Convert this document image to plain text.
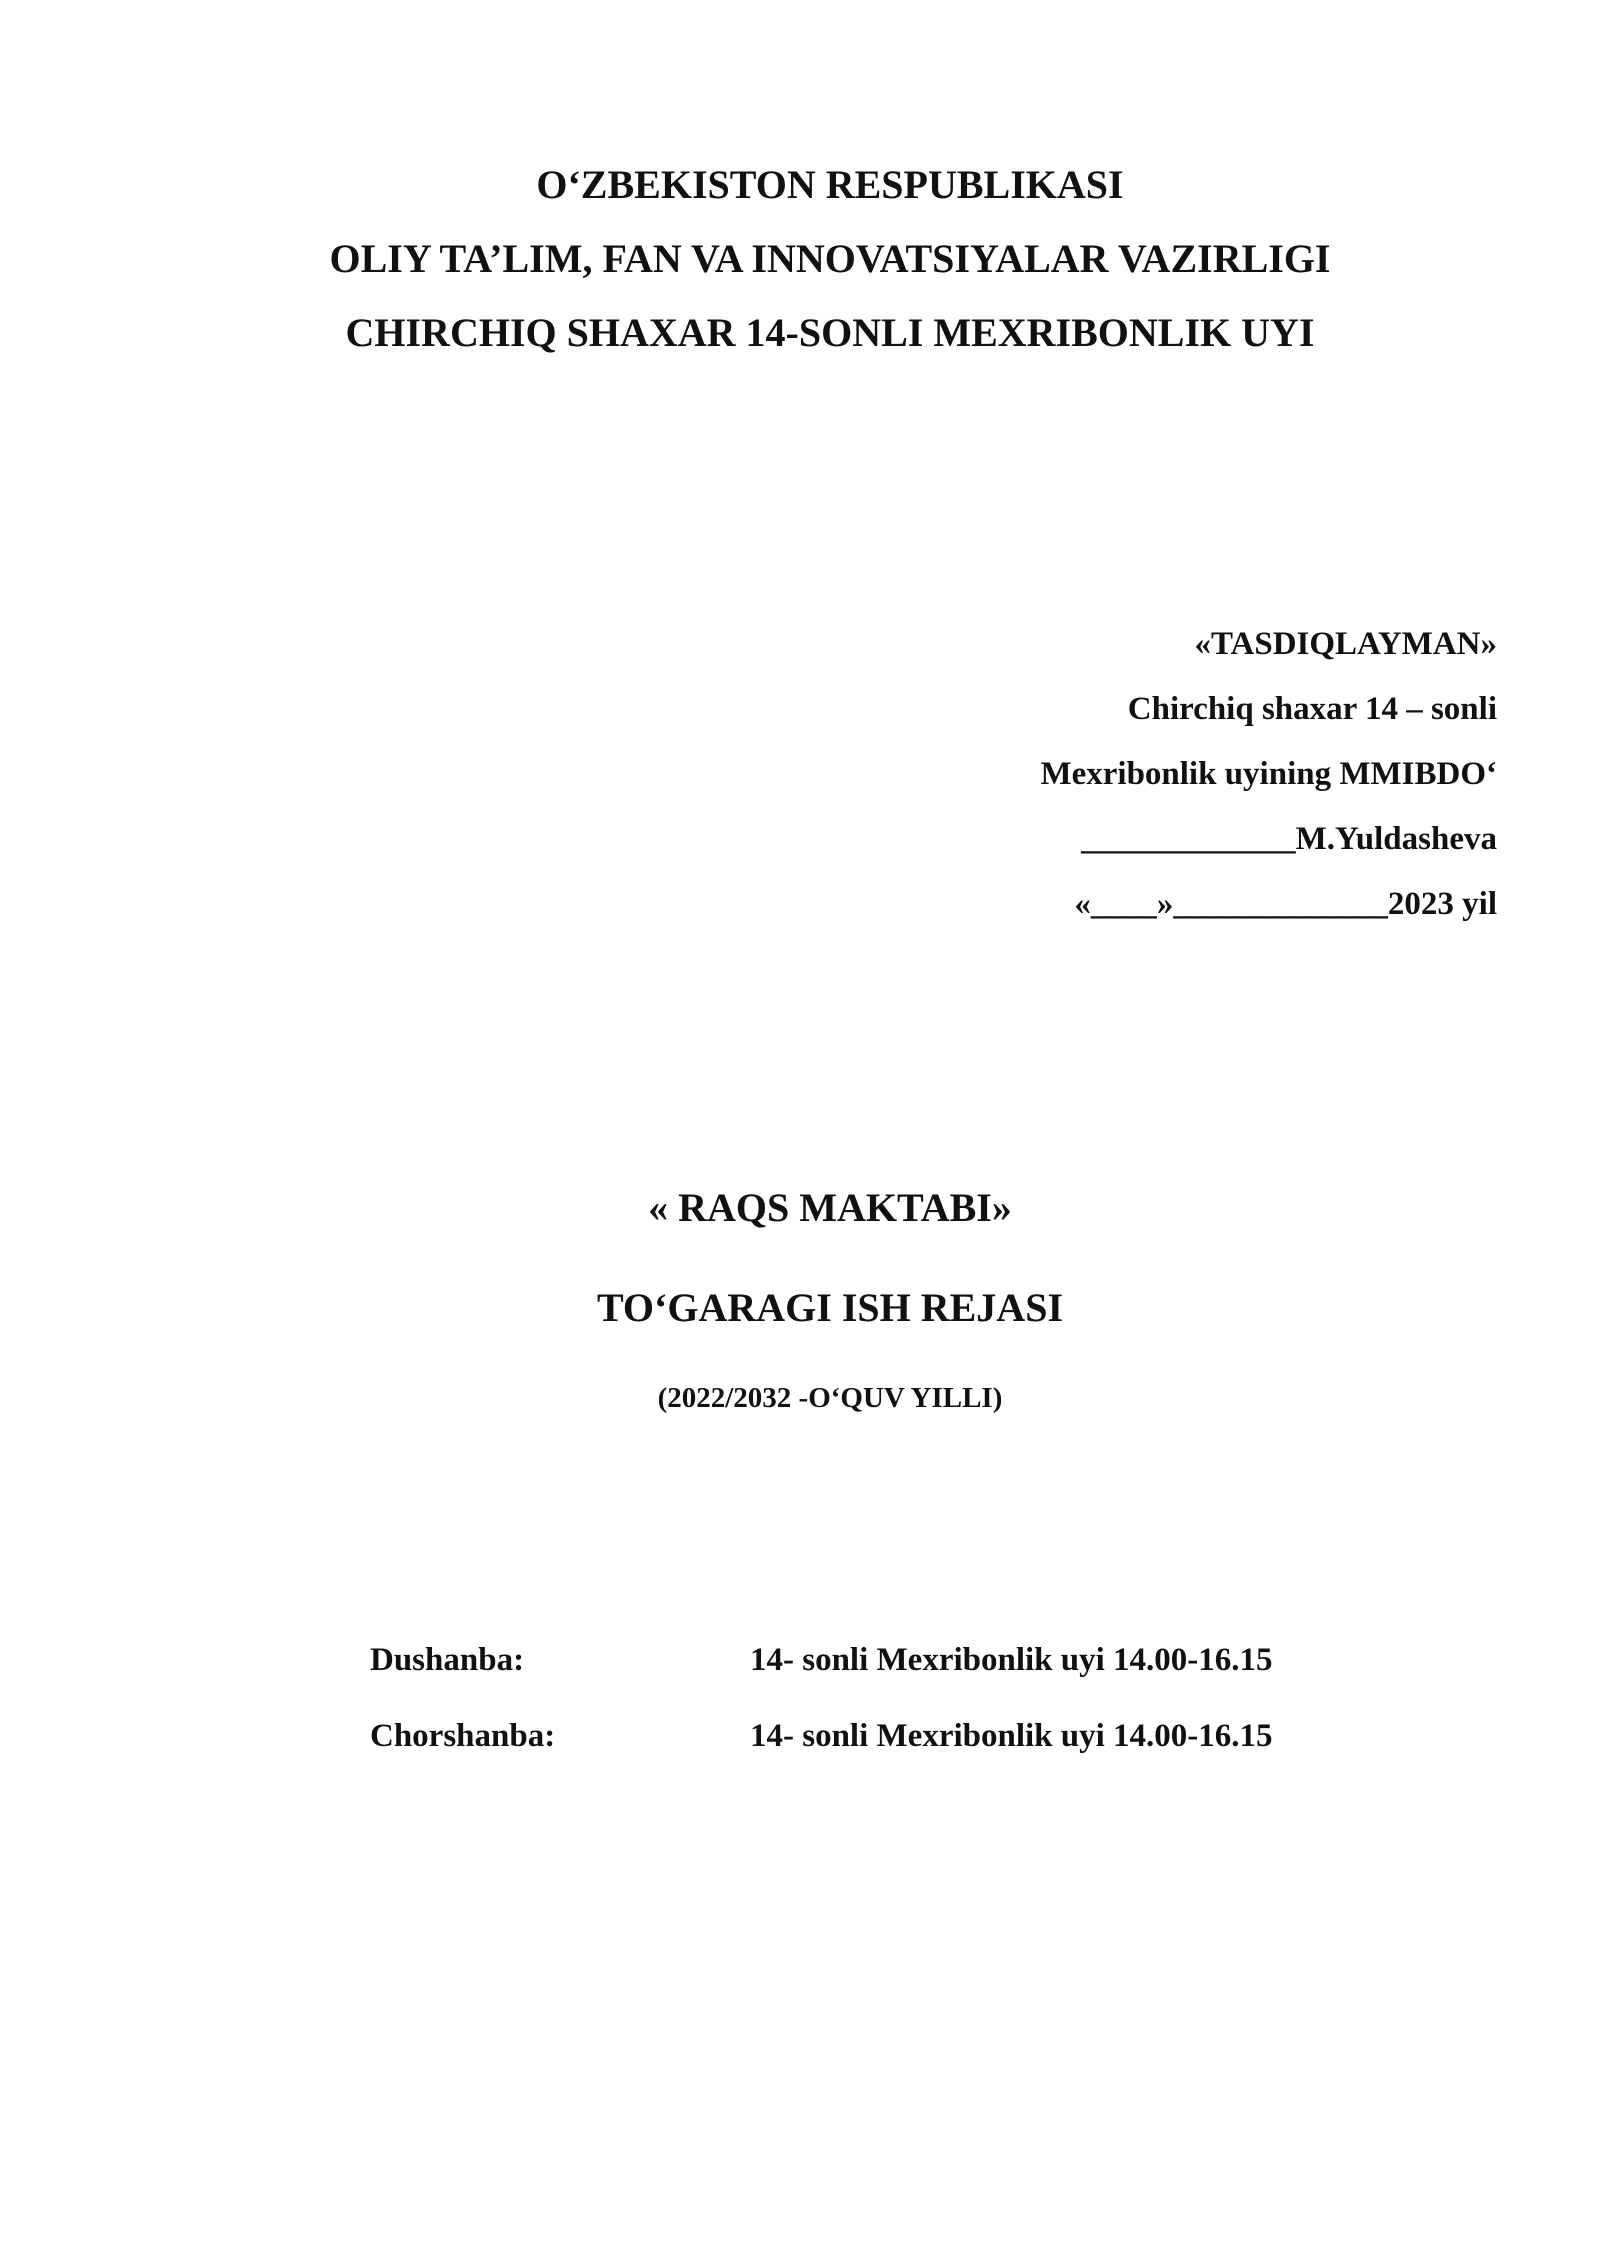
O‘ZBEKISTON RESPUBLIKASI
OLIY TA’LIM, FAN VA INNOVATSIYALAR VAZIRLIGI
CHIRCHIQ SHAXAR 14-SONLI MEXRIBONLIK UYI
«TASDIQLAYMAN»
Chirchiq shaxar 14 – sonli
Mexribonlik uyining MMIBDO‘
_____________M.Yuldasheva
«____»_____________2023 yil
« RAQS MAKTABI»
TO‘GARAGI ISH REJASI
(2022/2032 -O‘QUV YILLI)
Dushanba:	14- sonli Mexribonlik uyi 14.00-16.15
Chorshanba:	14- sonli Mexribonlik uyi 14.00-16.15
